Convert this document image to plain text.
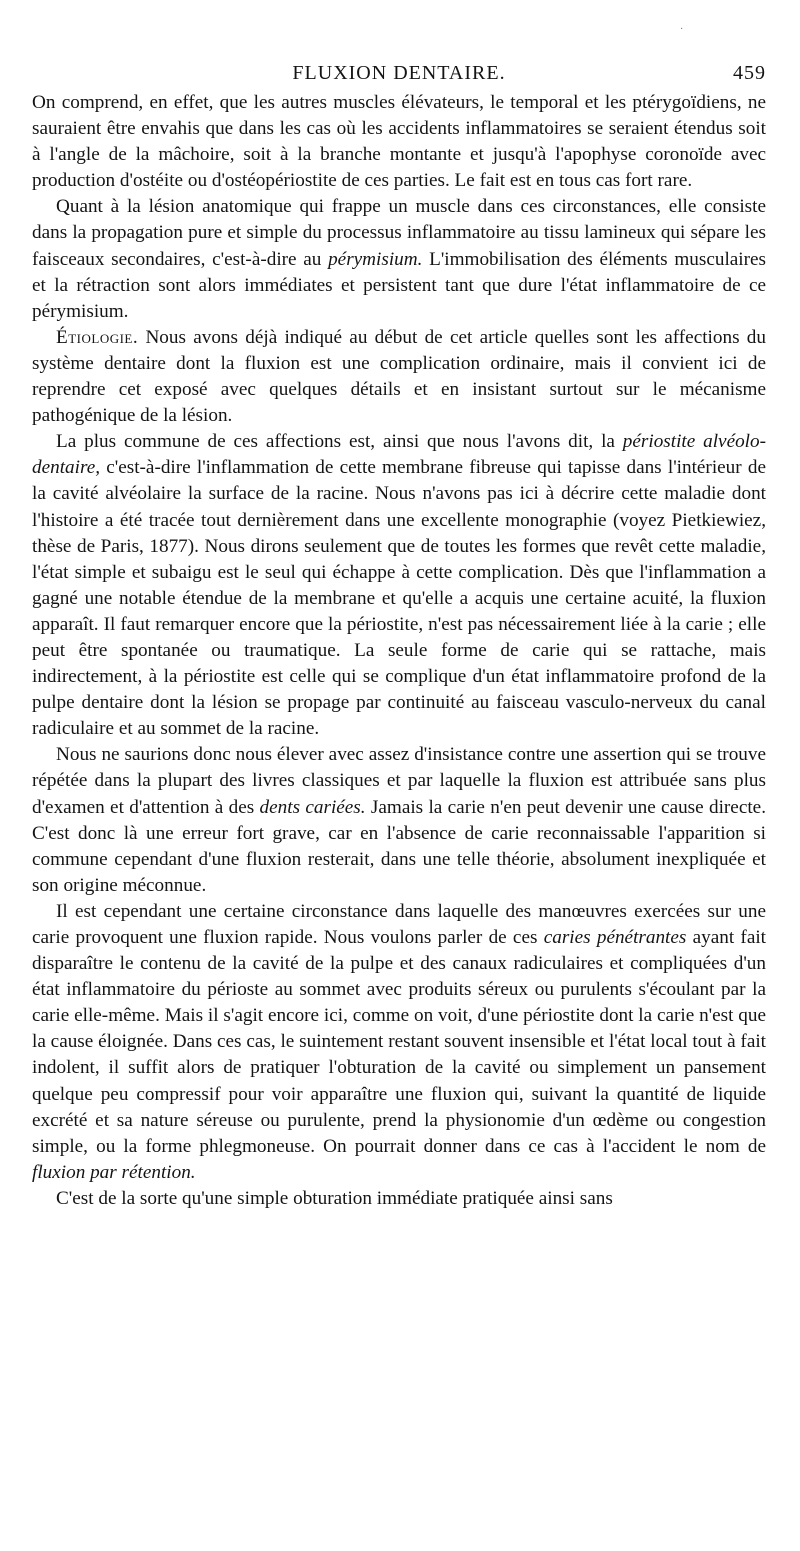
·
FLUXION DENTAIRE.	459

On comprend, en effet, que les autres muscles élévateurs, le temporal et les ptérygoïdiens, ne sauraient être envahis que dans les cas où les accidents inflammatoires se seraient étendus soit à l'angle de la mâchoire, soit à la branche montante et jusqu'à l'apophyse coronoïde avec production d'ostéite ou d'ostéopériostite de ces parties. Le fait est en tous cas fort rare.

Quant à la lésion anatomique qui frappe un muscle dans ces circonstances, elle consiste dans la propagation pure et simple du processus inflammatoire au tissu lamineux qui sépare les faisceaux secondaires, c'est-à-dire au pérymisium. L'immobilisation des éléments musculaires et la rétraction sont alors immédiates et persistent tant que dure l'état inflammatoire de ce pérymisium.

Étiologie. Nous avons déjà indiqué au début de cet article quelles sont les affections du système dentaire dont la fluxion est une complication ordinaire, mais il convient ici de reprendre cet exposé avec quelques détails et en insistant surtout sur le mécanisme pathogénique de la lésion.

La plus commune de ces affections est, ainsi que nous l'avons dit, la périostite alvéolo-dentaire, c'est-à-dire l'inflammation de cette membrane fibreuse qui tapisse dans l'intérieur de la cavité alvéolaire la surface de la racine. Nous n'avons pas ici à décrire cette maladie dont l'histoire a été tracée tout dernièrement dans une excellente monographie (voyez Pietkiewiez, thèse de Paris, 1877). Nous dirons seulement que de toutes les formes que revêt cette maladie, l'état simple et subaigu est le seul qui échappe à cette complication. Dès que l'inflammation a gagné une notable étendue de la membrane et qu'elle a acquis une certaine acuité, la fluxion apparaît. Il faut remarquer encore que la périostite, n'est pas nécessairement liée à la carie ; elle peut être spontanée ou traumatique. La seule forme de carie qui se rattache, mais indirectement, à la périostite est celle qui se complique d'un état inflammatoire profond de la pulpe dentaire dont la lésion se propage par continuité au faisceau vasculo-nerveux du canal radiculaire et au sommet de la racine.

Nous ne saurions donc nous élever avec assez d'insistance contre une assertion qui se trouve répétée dans la plupart des livres classiques et par laquelle la fluxion est attribuée sans plus d'examen et d'attention à des dents cariées. Jamais la carie n'en peut devenir une cause directe. C'est donc là une erreur fort grave, car en l'absence de carie reconnaissable l'apparition si commune cependant d'une fluxion resterait, dans une telle théorie, absolument inexpliquée et son origine méconnue.

Il est cependant une certaine circonstance dans laquelle des manœuvres exercées sur une carie provoquent une fluxion rapide. Nous voulons parler de ces caries pénétrantes ayant fait disparaître le contenu de la cavité de la pulpe et des canaux radiculaires et compliquées d'un état inflammatoire du périoste au sommet avec produits séreux ou purulents s'écoulant par la carie elle-même. Mais il s'agit encore ici, comme on voit, d'une périostite dont la carie n'est que la cause éloignée. Dans ces cas, le suintement restant souvent insensible et l'état local tout à fait indolent, il suffit alors de pratiquer l'obturation de la cavité ou simplement un pansement quelque peu compressif pour voir apparaître une fluxion qui, suivant la quantité de liquide excrété et sa nature séreuse ou purulente, prend la physionomie d'un œdème ou congestion simple, ou la forme phlegmoneuse. On pourrait donner dans ce cas à l'accident le nom de fluxion par rétention.

C'est de la sorte qu'une simple obturation immédiate pratiquée ainsi sans
